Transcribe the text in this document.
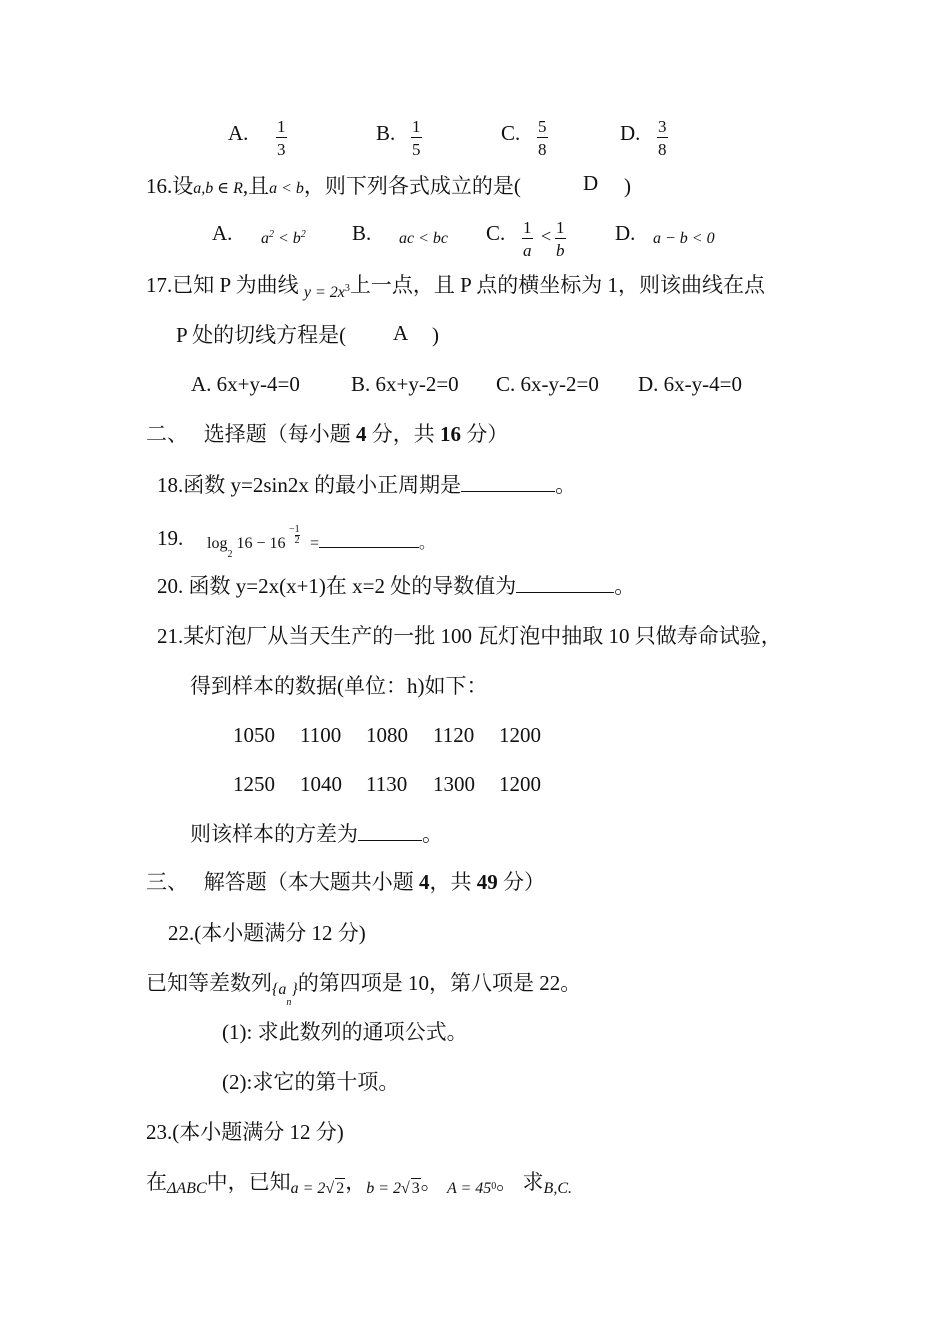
A. $\frac{1}{3}$	B. $\frac{1}{5}$	C. $\frac{5}{8}$	D. $\frac{3}{8}$
16.设a,b ∈ R,且a < b，则下列各式成立的是(	D )
A. $a^2 < b^2$ B. ac < bc C. $\frac{1}{a} < \frac{1}{b} D$. a − b < 0
17.已知 P 为曲线 $_{y = 2x}$3上一点，且 P 点的横坐标为 1，则该曲线在点
P 处的切线方程是( A )
A. 6x+y-4=0 B. 6x+y-2=0 C. 6x-y-2=0 D. 6x-y-4=0
二、 选择题（每小题 4 分，共 16 分）
18.函数 y=2sin2x 的最小正周期是	。
19. $\log_2 16 - 16$
− $\frac{1}{2}$ =	。
20. 函数 y=2x(x+1)在 x=2 处的导数值为	。
21.某灯泡厂从当天生产的一批 100 瓦灯泡中抽取 10 只做寿命试验，
得到样本的数据(单位：h)如下：
1050 1100 1080 1120 1200
1250 1040 1130 1300 1200
则该样本的方差为	。
三、 解答题（本大题共小题 4，共 49 分）
22.(本小题满分 12 分)
已知等差数列$\{a_n\}$的第四项是 10，第八项是 22。
(1): 求此数列的通项公式。
(2):求它的第十项。
23.(本小题满分 12 分)
在ΔABC中，已知a = 2√ 2，b = 2√ 3。 A = 450。 求B,C.
